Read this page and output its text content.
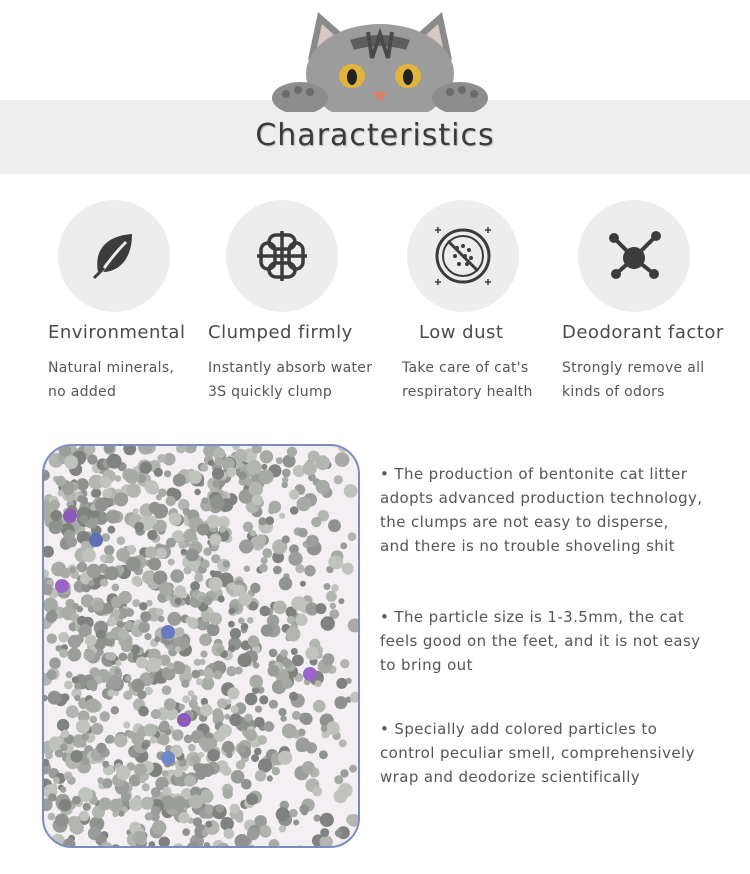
Characteristics
Environmental
Natural minerals,
no added
Clumped firmly
Instantly absorb water
3S quickly clump
Low dust
Take care of cat's
respiratory health
Deodorant factor
Strongly remove all
kinds of odors
• The production of bentonite cat litter
adopts advanced production technology,
the clumps are not easy to disperse,
and there is no trouble shoveling shit
• The particle size is 1-3.5mm, the cat
feels good on the feet, and it is not easy
to bring out
• Specially add colored particles to
control peculiar smell, comprehensively
wrap and deodorize scientifically
